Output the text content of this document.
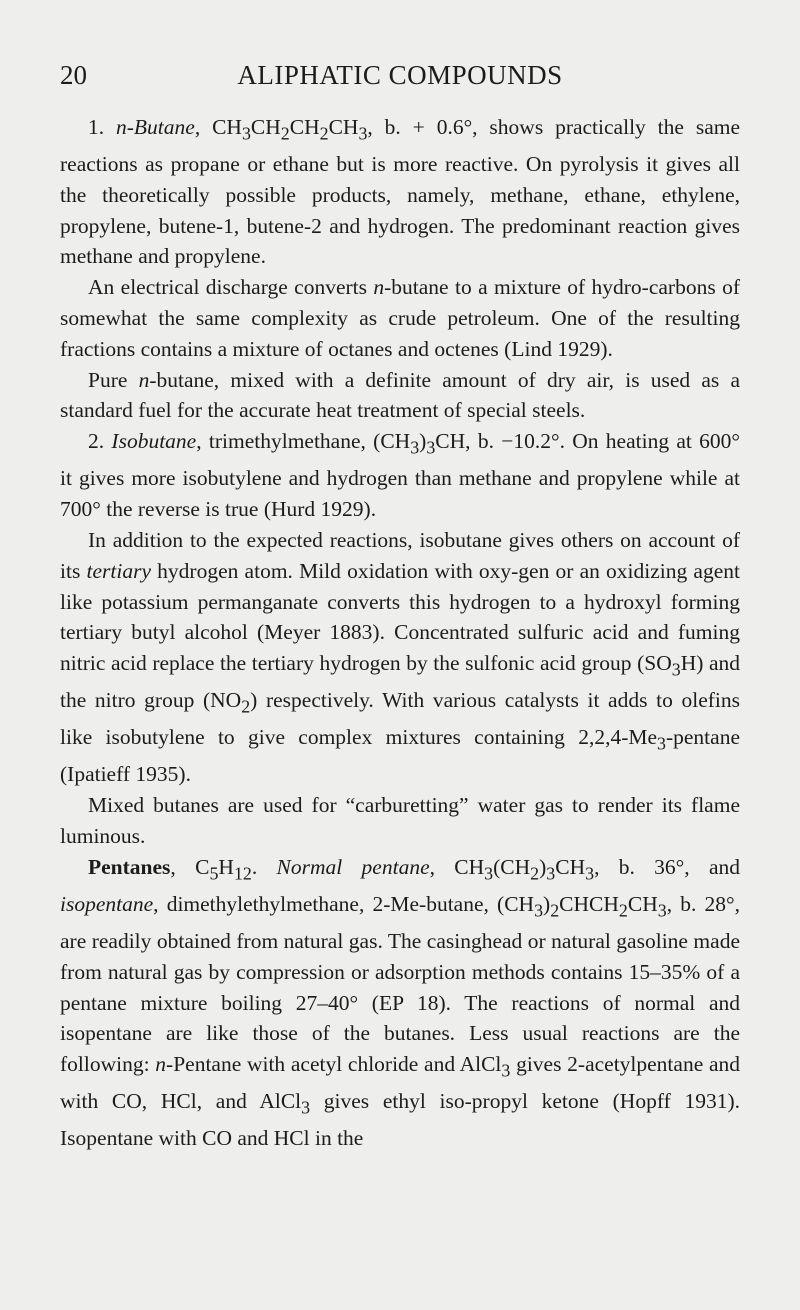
20	ALIPHATIC COMPOUNDS

1. n-Butane, $CH_3CH_2CH_2CH_3$, b. + 0.6°, shows practically the same reactions as propane or ethane but is more reactive. On pyrolysis it gives all the theoretically possible products, namely, methane, ethane, ethylene, propylene, butene-1, butene-2 and hydrogen. The predominant reaction gives methane and propylene.

An electrical discharge converts n-butane to a mixture of hydro-carbons of somewhat the same complexity as crude petroleum. One of the resulting fractions contains a mixture of octanes and octenes (Lind 1929).

Pure n-butane, mixed with a definite amount of dry air, is used as a standard fuel for the accurate heat treatment of special steels.

2. Isobutane, trimethylmethane, $(CH_3)_3CH$, b. −10.2°. On heating at 600° it gives more isobutylene and hydrogen than methane and propylene while at 700° the reverse is true (Hurd 1929).

In addition to the expected reactions, isobutane gives others on account of its tertiary hydrogen atom. Mild oxidation with oxy-gen or an oxidizing agent like potassium permanganate converts this hydrogen to a hydroxyl forming tertiary butyl alcohol (Meyer 1883). Concentrated sulfuric acid and fuming nitric acid replace the tertiary hydrogen by the sulfonic acid group $(SO_3H)$ and the nitro group $(NO_2)$ respectively. With various catalysts it adds to olefins like isobutylene to give complex mixtures containing $2,2,4-Me_3$-pentane (Ipatieff 1935).

Mixed butanes are used for “carburetting” water gas to render its flame luminous.

Pentanes, $C_5H_{12}$. Normal pentane, $CH_3(CH_2)_3CH_3$, b. 36°, and isopentane, dimethylethylmethane, 2-Me-butane, $(CH_3)_2CHCH_2CH_3$, b. 28°, are readily obtained from natural gas. The casinghead or natural gasoline made from natural gas by compression or adsorption methods contains 15–35% of a pentane mixture boiling 27–40° (EP 18). The reactions of normal and isopentane are like those of the butanes. Less usual reactions are the following: n-Pentane with acetyl chloride and AlCl$_3$ gives 2-acetylpentane and with CO, HCl, and AlCl$_3$ gives ethyl iso-propyl ketone (Hopff 1931). Isopentane with CO and HCl in the
